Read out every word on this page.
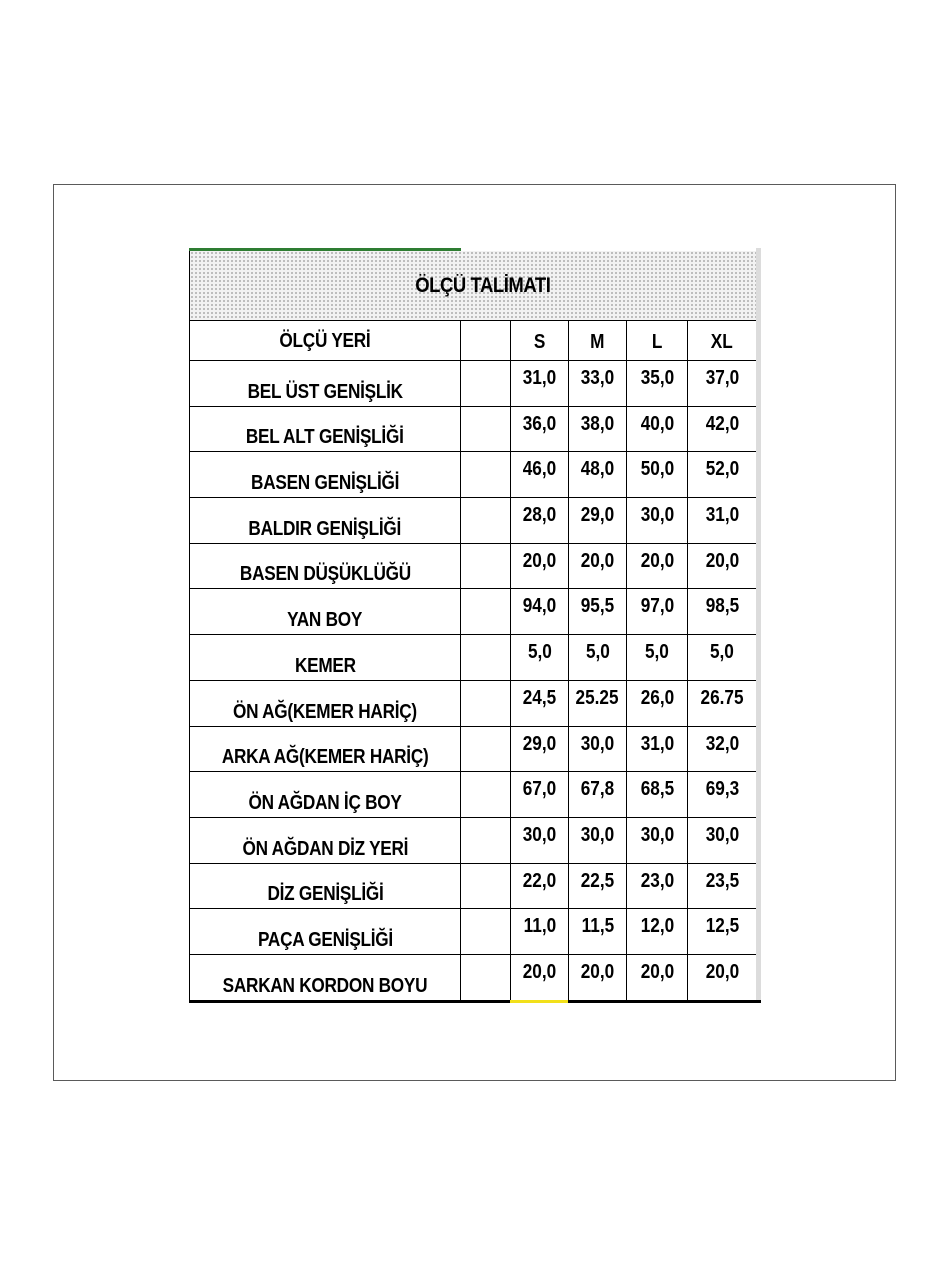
ÖLÇÜ TALİMATI
ÖLÇÜ YERİ		S	M	L	XL
BEL ÜST GENİŞLİK		31,0	33,0	35,0	37,0
BEL ALT GENİŞLİĞİ		36,0	38,0	40,0	42,0
BASEN GENİŞLİĞİ		46,0	48,0	50,0	52,0
BALDIR GENİŞLİĞİ		28,0	29,0	30,0	31,0
BASEN DÜŞÜKLÜĞÜ		20,0	20,0	20,0	20,0
YAN BOY		94,0	95,5	97,0	98,5
KEMER		5,0	5,0	5,0	5,0
ÖN AĞ(KEMER HARİÇ)		24,5	25.25	26,0	26.75
ARKA AĞ(KEMER HARİÇ)		29,0	30,0	31,0	32,0
ÖN AĞDAN İÇ BOY		67,0	67,8	68,5	69,3
ÖN AĞDAN DİZ YERİ		30,0	30,0	30,0	30,0
DİZ GENİŞLİĞİ		22,0	22,5	23,0	23,5
PAÇA GENİŞLİĞİ		11,0	11,5	12,0	12,5
SARKAN KORDON BOYU		20,0	20,0	20,0	20,0
